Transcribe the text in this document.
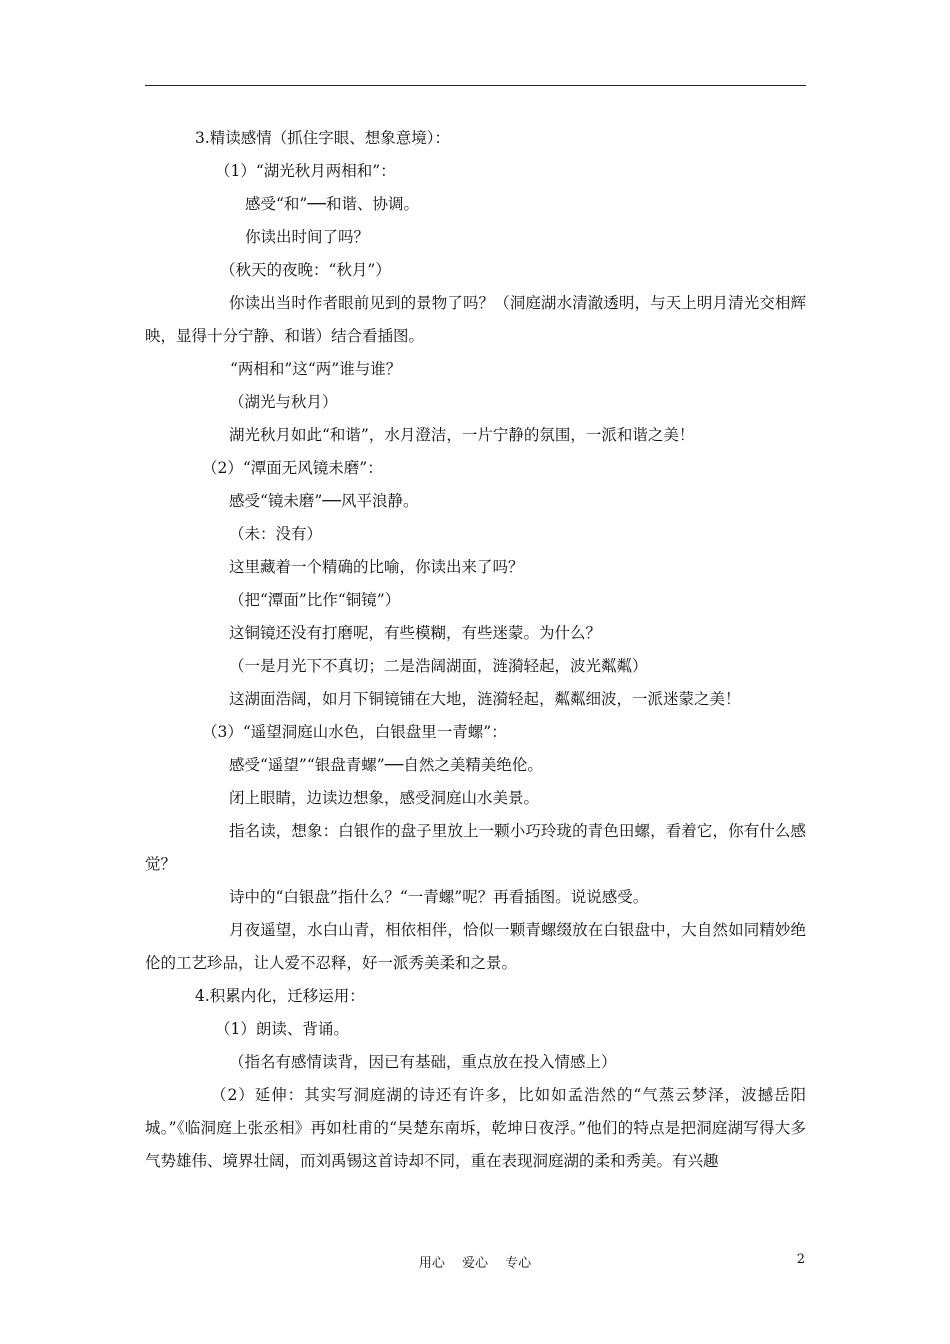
3.精读感情（抓住字眼、想象意境）：
（1）“湖光秋月两相和”：
感受“和”──和谐、协调。
你读出时间了吗？
（秋天的夜晚：“秋月”）
你读出当时作者眼前见到的景物了吗？（洞庭湖水清澈透明，与天上明月清光交相辉映，显得十分宁静、和谐）结合看插图。
“两相和”这“两”谁与谁？
（湖光与秋月）
湖光秋月如此“和谐”，水月澄洁，一片宁静的氛围，一派和谐之美！
（2）“潭面无风镜未磨”：
感受“镜未磨”──风平浪静。
（未：没有）
这里藏着一个精确的比喻，你读出来了吗？
（把“潭面”比作“铜镜”）
这铜镜还没有打磨呢，有些模糊，有些迷蒙。为什么？
（一是月光下不真切；二是浩阔湖面，涟漪轻起，波光粼粼）
这湖面浩阔，如月下铜镜铺在大地，涟漪轻起，粼粼细波，一派迷蒙之美！
（3）“遥望洞庭山水色，白银盘里一青螺”：
感受“遥望”“银盘青螺”──自然之美精美绝伦。
闭上眼睛，边读边想象，感受洞庭山水美景。
指名读，想象：白银作的盘子里放上一颗小巧玲珑的青色田螺，看着它，你有什么感觉？
诗中的“白银盘”指什么？“一青螺”呢？再看插图。说说感受。
月夜遥望，水白山青，相依相伴，恰似一颗青螺缀放在白银盘中，大自然如同精妙绝伦的工艺珍品，让人爱不忍释，好一派秀美柔和之景。
4.积累内化，迁移运用：
（1）朗读、背诵。
（指名有感情读背，因已有基础，重点放在投入情感上）
（2）延伸：其实写洞庭湖的诗还有许多，比如如孟浩然的“气蒸云梦泽，波撼岳阳城。”《临洞庭上张丞相》再如杜甫的“吴楚东南坼，乾坤日夜浮。”他们的特点是把洞庭湖写得大多气势雄伟、境界壮阔，而刘禹锡这首诗却不同，重在表现洞庭湖的柔和秀美。有兴趣
用心　 爱心　 专心	2
